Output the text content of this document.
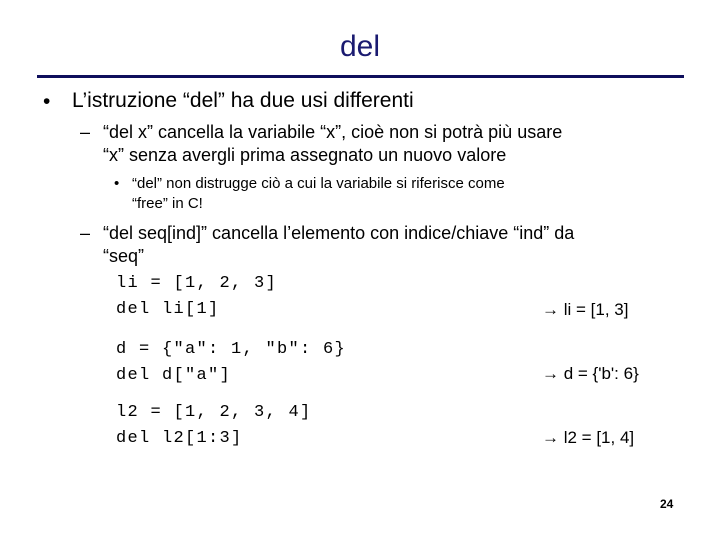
del
• L’istruzione “del” ha due usi differenti
– “del x” cancella la variabile “x”, cioè non si potrà più usare
“x” senza avergli prima assegnato un nuovo valore
• “del” non distrugge ciò a cui la variabile si riferisce come
“free” in C!
– “del seq[ind]” cancella l’elemento con indice/chiave “ind” da
“seq”
li = [1, 2, 3]
del li[1]	→ li = [1, 3]
d = {"a": 1, "b": 6}
del d["a"]	→ d = {'b': 6}
l2 = [1, 2, 3, 4]
del l2[1:3]	→ l2 = [1, 4]
24
